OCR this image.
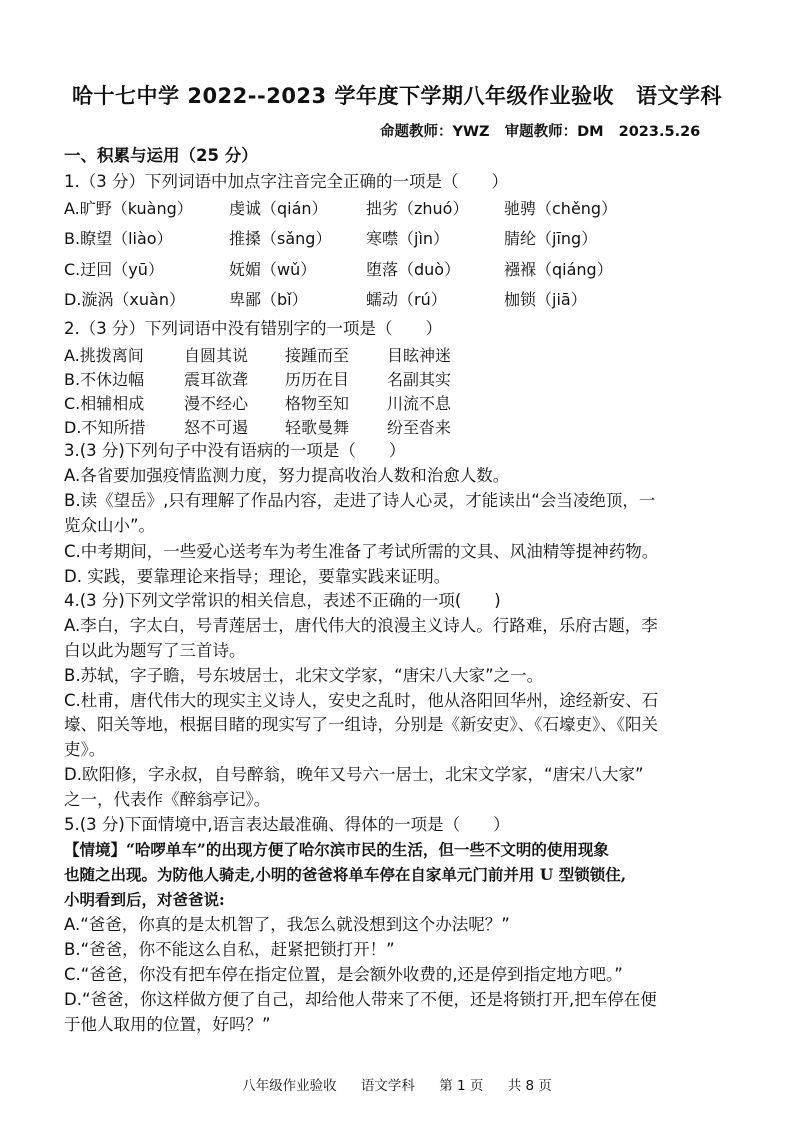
哈十七中学 2022--2023 学年度下学期八年级作业验收 语文学科
命题教师：YWZ 审题教师：DM 2023.5.26
一、积累与运用（25 分）
1.（3 分）下列词语中加点字注音完全正确的一项是（　　）
A.旷野（kuàng） 虔诚（qián） 拙劣（zhuó） 驰骋（chěng）
B.瞭望（liào）	推搡（sǎng） 寒噤（jìn）	腈纶（jīng）
C.迂回（yū）	妩媚（wǔ）	堕落（duò）	襁褓（qiáng）
D.漩涡（xuàn）	卑鄙（bǐ）	蠕动（rú）	枷锁（jiā）
2.（3 分）下列词语中没有错别字的一项是（　　）
A.挑拨离间	自圆其说 接踵而至 目眩神迷
B.不休边幅 震耳欲聋 历历在目 名副其实
C.相辅相成 漫不经心 格物至知 川流不息
D.不知所措 怒不可遏 轻歌曼舞 纷至沓来
3.(3 分)下列句子中没有语病的一项是（　　）
A.各省要加强疫情监测力度，努力提高收治人数和治愈人数。
B.读《望岳》,只有理解了作品内容，走进了诗人心灵，才能读出“会当凌绝顶，一
览众山小”。
C.中考期间，一些爱心送考车为考生准备了考试所需的文具、风油精等提神药物。
D. 实践，要靠理论来指导；理论，要靠实践来证明。
4.(3 分)下列文学常识的相关信息，表述不正确的一项(　　)
A.李白，字太白，号青莲居士，唐代伟大的浪漫主义诗人。行路难，乐府古题，李
白以此为题写了三首诗。
B.苏轼，字子瞻，号东坡居士，北宋文学家，“唐宋八大家”之一。
C.杜甫，唐代伟大的现实主义诗人，安史之乱时，他从洛阳回华州，途经新安、石
壕、阳关等地，根据目睹的现实写了一组诗，分别是《新安吏》、《石壕吏》、《阳关
吏》。
D.欧阳修，字永叔，自号醉翁，晚年又号六一居士，北宋文学家，“唐宋八大家”
之一，代表作《醉翁亭记》。
5.(3 分)下面情境中,语言表达最准确、得体的一项是（　　）
【情境】“哈啰单车”的出现方便了哈尔滨市民的生活，但一些不文明的使用现象
也随之出现。为防他人骑走,小明的爸爸将单车停在自家单元门前并用 U 型锁锁住,
小明看到后，对爸爸说:
A.“爸爸，你真的是太机智了，我怎么就没想到这个办法呢？”
B.“爸爸，你不能这么自私，赶紧把锁打开！”
C.“爸爸，你没有把车停在指定位置，是会额外收费的,还是停到指定地方吧。”
D.“爸爸，你这样做方便了自己，却给他人带来了不便，还是将锁打开,把车停在便
于他人取用的位置，好吗？”
八年级作业验收 语文学科 第 1 页 共 8 页
